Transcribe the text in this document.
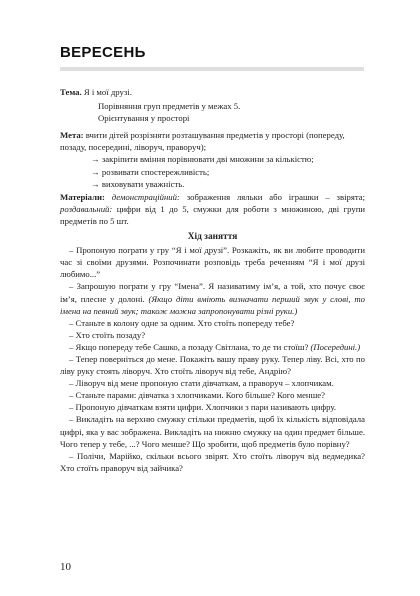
ВЕРЕСЕНЬ
Тема. Я і мої друзі.
Порівняння груп предметів у межах 5.
Орієнтування у просторі
Мета: вчити дітей розрізняти розташування предметів у просторі (попереду, позаду, посередині, ліворуч, праворуч);
→ закріпити вміння порівнювати дві множини за кількістю;
→ розвивати спостережливість;
→ виховувати уважність.
Матеріали: демонстраційний: зображення ляльки або іграшки – звірята; роздавальний: цифри від 1 до 5, смужки для роботи з множиною, дві групи предметів по 5 шт.
Хід заняття
– Пропоную пограти у гру “Я і мої друзі”. Розкажіть, як ви любите проводити час зі своїми друзями. Розпочинати розповідь треба реченням “Я і мої друзі любимо...”
– Запрошую пограти у гру “Імена”. Я називатиму ім’я, а той, хто почує своє ім’я, плесне у долоні. (Якщо діти вміють визначати перший звук у слові, то імена на певний звук; також можна запропонувати різні руки.)
– Станьте в колону одне за одним. Хто стоїть попереду тебе?
– Хто стоїть позаду?
– Якщо попереду тебе Сашко, а позаду Світлана, то де ти стоїш? (Посередині.)
– Тепер поверніться до мене. Покажіть вашу праву руку. Тепер ліву. Всі, хто по ліву руку стоять ліворуч. Хто стоїть ліворуч від тебе, Андрію?
– Ліворуч від мене пропоную стати дівчаткам, а праворуч – хлопчикам.
– Станьте парами: дівчатка з хлопчиками. Кого більше? Кого менше?
– Пропоную дівчаткам взяти цифри. Хлопчики з пари називають цифру.
– Викладіть на верхню смужку стільки предметів, щоб їх кількість відповідала цифрі, яка у вас зображена. Викладіть на нижню смужку на один предмет більше. Чого тепер у тебе, ...? Чого менше? Що зробити, щоб предметів було порівну?
– Полічи, Марійко, скільки всього звірят. Хто стоїть ліворуч від ведмедика? Хто стоїть праворуч від зайчика?
10
